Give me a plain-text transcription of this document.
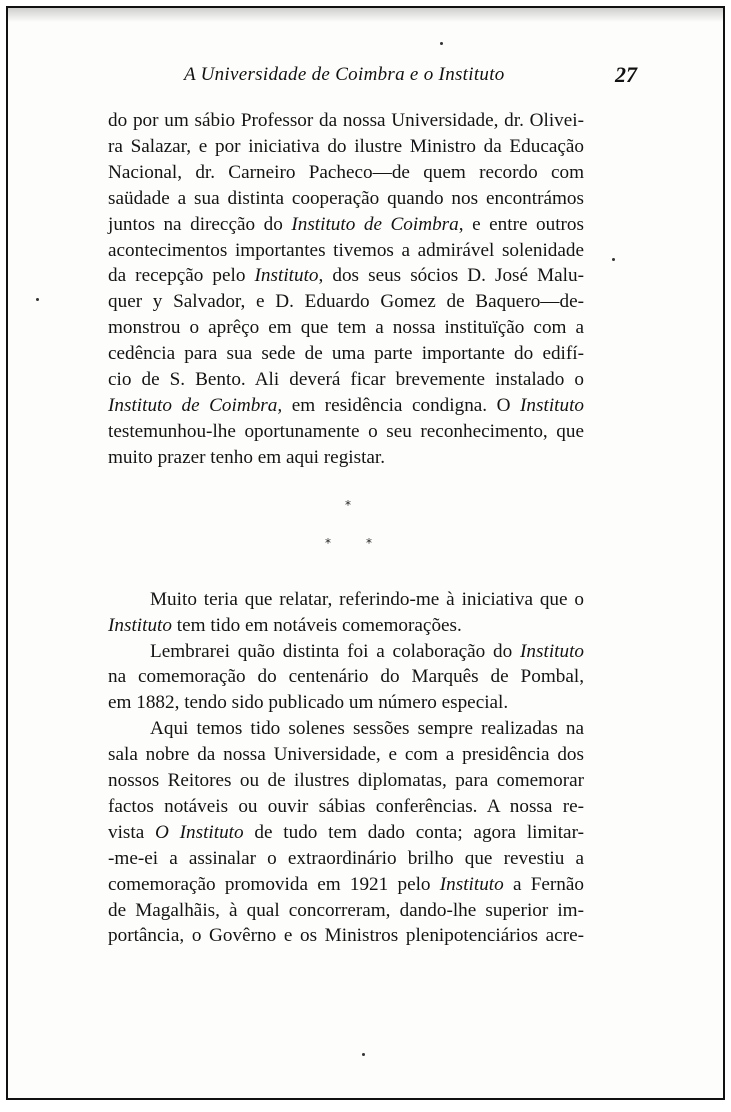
A Universidade de Coimbra e o Instituto	27
do por um sábio Professor da nossa Universidade, dr. Olivei-
ra Salazar, e por iniciativa do ilustre Ministro da Educação
Nacional, dr. Carneiro Pacheco—de quem recordo com
saüdade a sua distinta cooperação quando nos encontrámos
juntos na direcção do Instituto de Coimbra, e entre outros
acontecimentos importantes tivemos a admirável solenidade
da recepção pelo Instituto, dos seus sócios D. José Malu-
quer y Salvador, e D. Eduardo Gomez de Baquero—de-
monstrou o aprêço em que tem a nossa instituïção com a
cedência para sua sede de uma parte importante do edifí-
cio de S. Bento. Ali deverá ficar brevemente instalado o
Instituto de Coimbra, em residência condigna. O Instituto
testemunhou-lhe oportunamente o seu reconhecimento, que
muito prazer tenho em aqui registar.
Muito teria que relatar, referindo-me à iniciativa que o
Instituto tem tido em notáveis comemorações.
Lembrarei quão distinta foi a colaboração do Instituto
na comemoração do centenário do Marquês de Pombal,
em 1882, tendo sido publicado um número especial.
Aqui temos tido solenes sessões sempre realizadas na
sala nobre da nossa Universidade, e com a presidência dos
nossos Reitores ou de ilustres diplomatas, para comemorar
factos notáveis ou ouvir sábias conferências. A nossa re-
vista O Instituto de tudo tem dado conta; agora limitar-
-me-ei a assinalar o extraordinário brilho que revestiu a
comemoração promovida em 1921 pelo Instituto a Fernão
de Magalhãis, à qual concorreram, dando-lhe superior im-
portância, o Govêrno e os Ministros plenipotenciários acre-
*
*	*
